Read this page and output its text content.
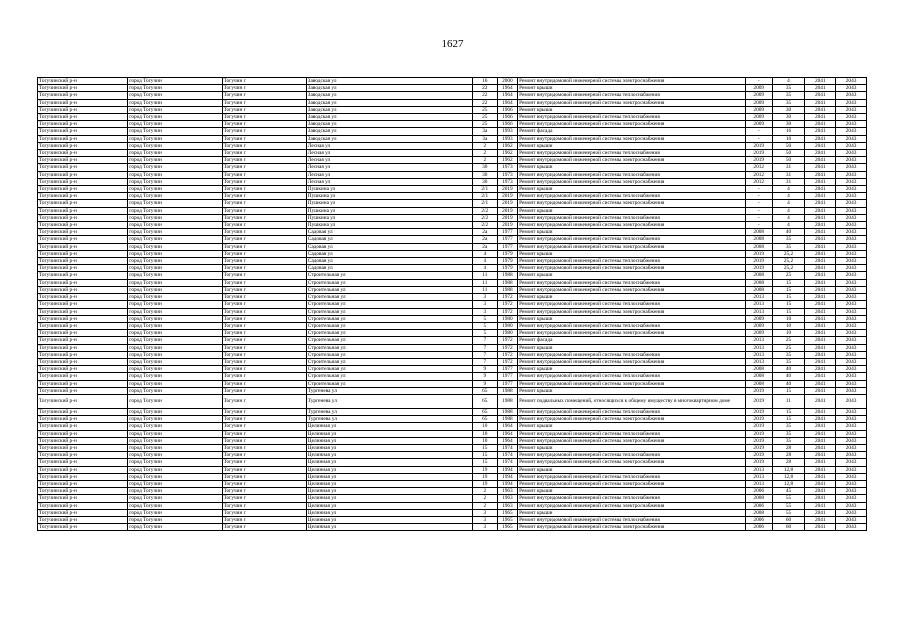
1627
Тогучинский р-н	город Тогучин	Тогучин г	Заводская ул	16	2000	Ремонт внутридомовой инженерной системы электроснабжения	-	4	2041	2043
Тогучинский р-н	город Тогучин	Тогучин г	Заводская ул	22	1964	Ремонт крыши	2009	35	2041	2043
Тогучинский р-н	город Тогучин	Тогучин г	Заводская ул	22	1964	Ремонт внутридомовой инженерной системы теплоснабжения	2009	35	2041	2043
Тогучинский р-н	город Тогучин	Тогучин г	Заводская ул	22	1964	Ремонт внутридомовой инженерной системы электроснабжения	2009	35	2041	2043
Тогучинский р-н	город Тогучин	Тогучин г	Заводская ул	25	1966	Ремонт крыши	2009	30	2041	2043
Тогучинский р-н	город Тогучин	Тогучин г	Заводская ул	25	1966	Ремонт внутридомовой инженерной системы теплоснабжения	2009	30	2041	2043
Тогучинский р-н	город Тогучин	Тогучин г	Заводская ул	25	1966	Ремонт внутридомовой инженерной системы электроснабжения	2009	30	2041	2043
Тогучинский р-н	город Тогучин	Тогучин г	Заводская ул	3а	1993	Ремонт фасада	-	16	2041	2043
Тогучинский р-н	город Тогучин	Тогучин г	Заводская ул	3а	1993	Ремонт внутридомовой инженерной системы электроснабжения	-	16	2041	2043
Тогучинский р-н	город Тогучин	Тогучин г	Лесная ул	2	1962	Ремонт крыши	2019	50	2041	2043
Тогучинский р-н	город Тогучин	Тогучин г	Лесная ул	2	1962	Ремонт внутридомовой инженерной системы теплоснабжения	2019	50	2041	2043
Тогучинский р-н	город Тогучин	Тогучин г	Лесная ул	2	1962	Ремонт внутридомовой инженерной системы электроснабжения	2019	50	2041	2043
Тогучинский р-н	город Тогучин	Тогучин г	Лесная ул	30	1973	Ремонт крыши	2012	31	2041	2043
Тогучинский р-н	город Тогучин	Тогучин г	Лесная ул	30	1973	Ремонт внутридомовой инженерной системы теплоснабжения	2012	31	2041	2043
Тогучинский р-н	город Тогучин	Тогучин г	Лесная ул	30	1973	Ремонт внутридомовой инженерной системы электроснабжения	2012	31	2041	2043
Тогучинский р-н	город Тогучин	Тогучин г	Пушкина ул	2/1	2019	Ремонт крыши	-	4	2041	2043
Тогучинский р-н	город Тогучин	Тогучин г	Пушкина ул	2/1	2019	Ремонт внутридомовой инженерной системы теплоснабжения	-	4	2041	2043
Тогучинский р-н	город Тогучин	Тогучин г	Пушкина ул	2/1	2019	Ремонт внутридомовой инженерной системы электроснабжения	-	4	2041	2043
Тогучинский р-н	город Тогучин	Тогучин г	Пушкина ул	2/2	2019	Ремонт крыши	-	4	2041	2043
Тогучинский р-н	город Тогучин	Тогучин г	Пушкина ул	2/2	2019	Ремонт внутридомовой инженерной системы теплоснабжения	-	4	2041	2043
Тогучинский р-н	город Тогучин	Тогучин г	Пушкина ул	2/2	2019	Ремонт внутридомовой инженерной системы электроснабжения	-	4	2041	2043
Тогучинский р-н	город Тогучин	Тогучин г	Садовая ул	2а	1977	Ремонт крыши	2008	40	2041	2043
Тогучинский р-н	город Тогучин	Тогучин г	Садовая ул	2а	1977	Ремонт внутридомовой инженерной системы теплоснабжения	2008	35	2041	2043
Тогучинский р-н	город Тогучин	Тогучин г	Садовая ул	2а	1977	Ремонт внутридомовой инженерной системы электроснабжения	2008	35	2041	2043
Тогучинский р-н	город Тогучин	Тогучин г	Садовая ул	4	1979	Ремонт крыши	2019	25,2	2041	2043
Тогучинский р-н	город Тогучин	Тогучин г	Садовая ул	4	1979	Ремонт внутридомовой инженерной системы теплоснабжения	2019	25,2	2041	2043
Тогучинский р-н	город Тогучин	Тогучин г	Садовая ул	4	1979	Ремонт внутридомовой инженерной системы электроснабжения	2019	25,2	2041	2043
Тогучинский р-н	город Тогучин	Тогучин г	Строительная ул	11	1988	Ремонт крыши	2008	25	2041	2043
Тогучинский р-н	город Тогучин	Тогучин г	Строительная ул	11	1988	Ремонт внутридомовой инженерной системы теплоснабжения	2008	15	2041	2043
Тогучинский р-н	город Тогучин	Тогучин г	Строительная ул	11	1988	Ремонт внутридомовой инженерной системы электроснабжения	2008	15	2041	2043
Тогучинский р-н	город Тогучин	Тогучин г	Строительная ул	3	1972	Ремонт крыши	2013	15	2041	2043
Тогучинский р-н	город Тогучин	Тогучин г	Строительная ул	3	1972	Ремонт внутридомовой инженерной системы теплоснабжения	2013	15	2041	2043
Тогучинский р-н	город Тогучин	Тогучин г	Строительная ул	3	1972	Ремонт внутридомовой инженерной системы электроснабжения	2013	15	2041	2043
Тогучинский р-н	город Тогучин	Тогучин г	Строительная ул	5	1980	Ремонт крыши	2009	10	2041	2043
Тогучинский р-н	город Тогучин	Тогучин г	Строительная ул	5	1980	Ремонт внутридомовой инженерной системы теплоснабжения	2009	10	2041	2043
Тогучинский р-н	город Тогучин	Тогучин г	Строительная ул	5	1980	Ремонт внутридомовой инженерной системы электроснабжения	2009	10	2041	2043
Тогучинский р-н	город Тогучин	Тогучин г	Строительная ул	7	1972	Ремонт фасада	2013	25	2041	2043
Тогучинский р-н	город Тогучин	Тогучин г	Строительная ул	7	1972	Ремонт крыши	2013	25	2041	2043
Тогучинский р-н	город Тогучин	Тогучин г	Строительная ул	7	1972	Ремонт внутридомовой инженерной системы теплоснабжения	2013	35	2041	2043
Тогучинский р-н	город Тогучин	Тогучин г	Строительная ул	7	1972	Ремонт внутридомовой инженерной системы электроснабжения	2013	35	2041	2043
Тогучинский р-н	город Тогучин	Тогучин г	Строительная ул	9	1977	Ремонт крыши	2008	40	2041	2043
Тогучинский р-н	город Тогучин	Тогучин г	Строительная ул	9	1977	Ремонт внутридомовой инженерной системы теплоснабжения	2008	40	2041	2043
Тогучинский р-н	город Тогучин	Тогучин г	Строительная ул	9	1977	Ремонт внутридомовой инженерной системы электроснабжения	2008	40	2041	2043
Тогучинский р-н	город Тогучин	Тогучин г	Тургенева ул	65	1988	Ремонт крыши	2019	15	2041	2043
Тогучинский р-н	город Тогучин	Тогучин г	Тургенева ул	65	1988	Ремонт подвальных помещений, относящихся к общему имуществу в многоквартирном доме	2019	11	2041	2043
Тогучинский р-н	город Тогучин	Тогучин г	Тургенева ул	65	1988	Ремонт внутридомовой инженерной системы теплоснабжения	2019	15	2041	2043
Тогучинский р-н	город Тогучин	Тогучин г	Тургенева ул	65	1988	Ремонт внутридомовой инженерной системы электроснабжения	2019	15	2041	2043
Тогучинский р-н	город Тогучин	Тогучин г	Целинная ул	10	1964	Ремонт крыши	2019	35	2041	2043
Тогучинский р-н	город Тогучин	Тогучин г	Целинная ул	10	1964	Ремонт внутридомовой инженерной системы теплоснабжения	2019	35	2041	2043
Тогучинский р-н	город Тогучин	Тогучин г	Целинная ул	10	1964	Ремонт внутридомовой инженерной системы электроснабжения	2019	35	2041	2043
Тогучинский р-н	город Тогучин	Тогучин г	Целинная ул	15	1974	Ремонт крыши	2019	28	2041	2043
Тогучинский р-н	город Тогучин	Тогучин г	Целинная ул	15	1974	Ремонт внутридомовой инженерной системы теплоснабжения	2019	28	2041	2043
Тогучинский р-н	город Тогучин	Тогучин г	Целинная ул	15	1974	Ремонт внутридомовой инженерной системы электроснабжения	2019	28	2041	2043
Тогучинский р-н	город Тогучин	Тогучин г	Целинная ул	19	1994	Ремонт крыши	2013	12,8	2041	2043
Тогучинский р-н	город Тогучин	Тогучин г	Целинная ул	19	1994	Ремонт внутридомовой инженерной системы теплоснабжения	2013	12,8	2041	2043
Тогучинский р-н	город Тогучин	Тогучин г	Целинная ул	19	1994	Ремонт внутридомовой инженерной системы электроснабжения	2013	12,8	2041	2043
Тогучинский р-н	город Тогучин	Тогучин г	Целинная ул	2	1963	Ремонт крыши	2006	45	2041	2043
Тогучинский р-н	город Тогучин	Тогучин г	Целинная ул	2	1963	Ремонт внутридомовой инженерной системы теплоснабжения	2008	55	2041	2043
Тогучинский р-н	город Тогучин	Тогучин г	Целинная ул	2	1963	Ремонт внутридомовой инженерной системы электроснабжения	2006	55	2041	2043
Тогучинский р-н	город Тогучин	Тогучин г	Целинная ул	3	1965	Ремонт крыши	2008	55	2041	2043
Тогучинский р-н	город Тогучин	Тогучин г	Целинная ул	3	1965	Ремонт внутридомовой инженерной системы теплоснабжения	2006	60	2041	2043
Тогучинский р-н	город Тогучин	Тогучин г	Целинная ул	3	1965	Ремонт внутридомовой инженерной системы электроснабжения	2006	60	2041	2043
